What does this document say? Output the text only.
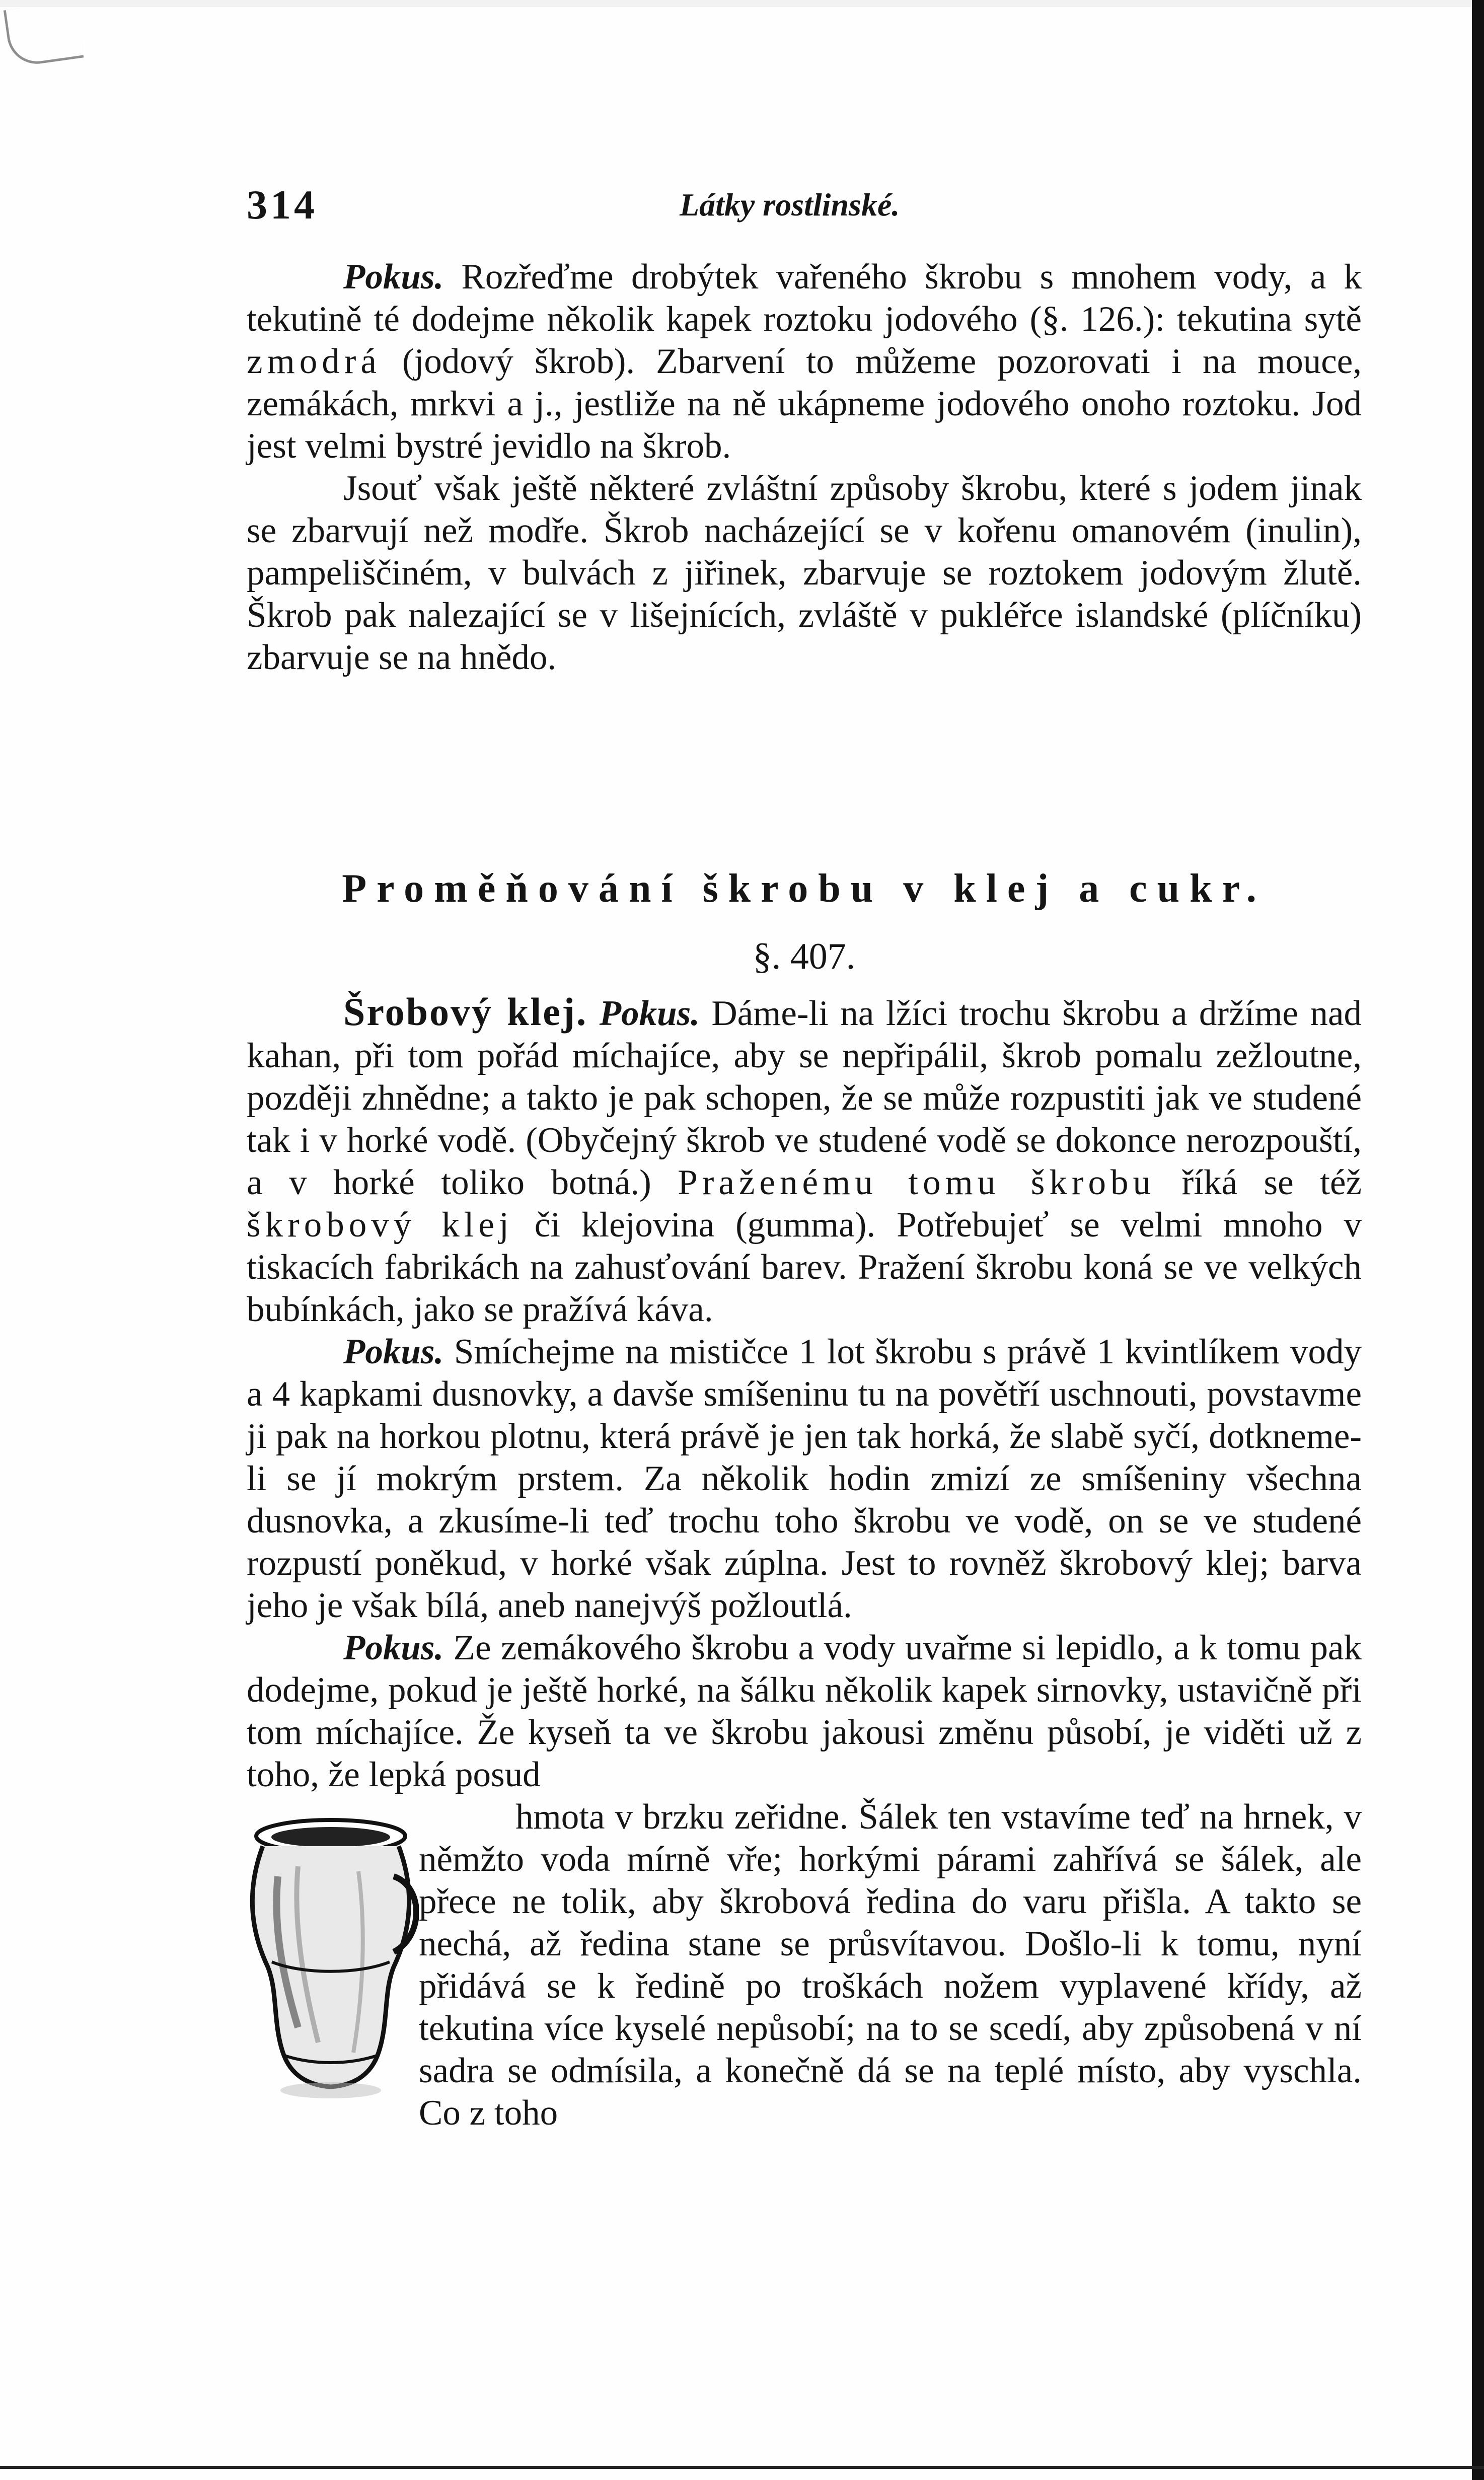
314	Látky rostlinské.

Pokus. Rozřeďme drobýtek vařeného škrobu s mnohem vody, a k tekutině té dodejme několik kapek roztoku jodového (§. 126.): tekutina sytě zmodrá (jodový škrob). Zbarvení to můžeme pozorovati i na mouce, zemákách, mrkvi a j., jestliže na ně ukápneme jodového onoho roztoku. Jod jest velmi bystré jevidlo na škrob.

Jsouť však ještě některé zvláštní způsoby škrobu, které s jodem jinak se zbarvují než modře. Škrob nacházející se v kořenu omanovém (inulin), pampeliščiném, v bulvách z jiřinek, zbarvuje se roztokem jodovým žlutě. Škrob pak nalezající se v lišejnících, zvláště v pukléřce islandské (plíčníku) zbarvuje se na hnědo.

Proměňování škrobu v klej a cukr.
§. 407.

Šrobový klej. Pokus. Dáme-li na lžíci trochu škrobu a držíme nad kahan, při tom pořád míchajíce, aby se nepřipálil, škrob pomalu zežloutne, později zhnědne; a takto je pak schopen, že se může rozpustiti jak ve studené tak i v horké vodě. (Obyčejný škrob ve studené vodě se dokonce nerozpouští, a v horké toliko botná.) Praženému tomu škrobu říká se též škrobový klej či klejovina (gumma). Potřebujeť se velmi mnoho v tiskacích fabrikách na zahusťování barev. Pražení škrobu koná se ve velkých bubínkách, jako se pražívá káva.

Pokus. Smíchejme na mističce 1 lot škrobu s právě 1 kvintlíkem vody a 4 kapkami dusnovky, a davše smíšeninu tu na povětří uschnouti, povstavme ji pak na horkou plotnu, která právě je jen tak horká, že slabě syčí, dotkneme-li se jí mokrým prstem. Za několik hodin zmizí ze smíšeniny všechna dusnovka, a zkusíme-li teď trochu toho škrobu ve vodě, on se ve studené rozpustí poněkud, v horké však zúplna. Jest to rovněž škrobový klej; barva jeho je však bílá, aneb nanejvýš požloutlá.

Pokus. Ze zemákového škrobu a vody uvařme si lepidlo, a k tomu pak dodejme, pokud je ještě horké, na šálku několik kapek sirnovky, ustavičně při tom míchajíce. Že kyseň ta ve škrobu jakousi změnu působí, je viděti už z toho, že lepká posud

hmota v brzku zeřidne. Šálek ten vstavíme teď na hrnek, v němžto voda mírně vře; horkými párami zahřívá se šálek, ale přece ne tolik, aby škrobová ředina do varu přišla. A takto se nechá, až ředina stane se průsvítavou. Došlo-li k tomu, nyní přidává se k ředině po troškách nožem vyplavené křídy, až tekutina více kyselé nepůsobí; na to se scedí, aby způsobená v ní sadra se odmísila, a konečně dá se na teplé místo, aby vyschla. Co z toho
